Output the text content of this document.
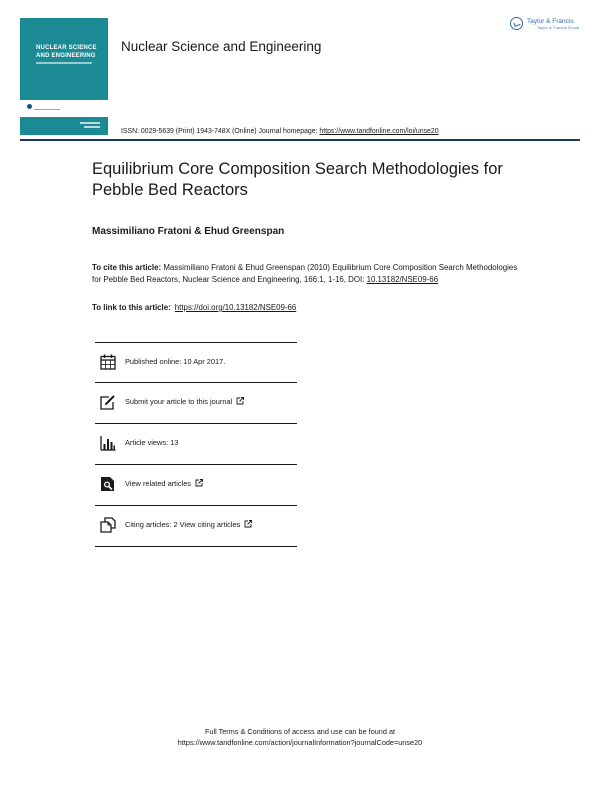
NUCLEAR SCIENCE AND ENGINEERING
Nuclear Science and Engineering
Taylor & Francis
Taylor & Francis Group
ISSN: 0029-5639 (Print) 1943-748X (Online) Journal homepage: https://www.tandfonline.com/loi/unse20
Equilibrium Core Composition Search Methodologies for Pebble Bed Reactors
Massimiliano Fratoni & Ehud Greenspan
To cite this article: Massimiliano Fratoni & Ehud Greenspan (2010) Equilibrium Core Composition Search Methodologies for Pebble Bed Reactors, Nuclear Science and Engineering, 166:1, 1-16, DOI: 10.13182/NSE09-66
To link to this article: https://doi.org/10.13182/NSE09-66
Published online: 10 Apr 2017.
Submit your article to this journal
Article views: 13
View related articles
Citing articles: 2 View citing articles
Full Terms & Conditions of access and use can be found at
https://www.tandfonline.com/action/journalInformation?journalCode=unse20
